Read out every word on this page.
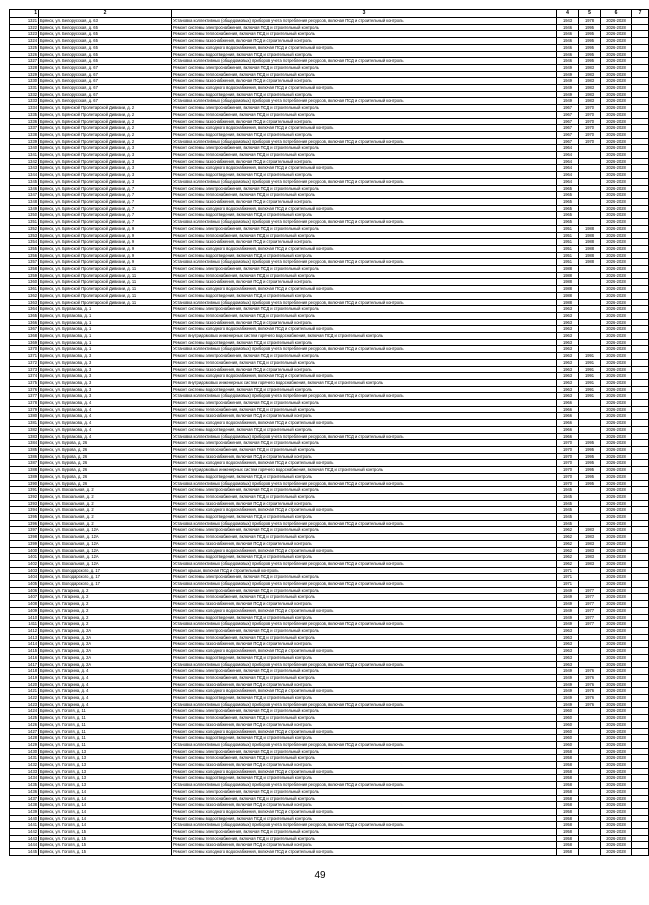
1	2	3	4	5	6	7
1321	Брянск, ул. Белорусская, д. 63	Установка коллективных (общедомовых) приборов учета потребления ресурсов, включая ПСД и строительный контроль	1943	1978	2026-2028	
1322	Брянск, ул. Белорусская, д. 65	Ремонт системы электроснабжения, включая ПСД и строительный контроль	1946	1995	2026-2028	
1323	Брянск, ул. Белорусская, д. 65	Ремонт системы теплоснабжения, включая ПСД и строительный контроль	1946	1995	2026-2028	
1324	Брянск, ул. Белорусская, д. 65	Ремонт системы газоснабжения, включая ПСД и строительный контроль	1946	1995	2026-2028	
1325	Брянск, ул. Белорусская, д. 65	Ремонт системы холодного водоснабжения, включая ПСД и строительный контроль	1946	1995	2026-2028	
1326	Брянск, ул. Белорусская, д. 65	Ремонт системы водоотведения, включая ПСД и строительный контроль	1946	1995	2026-2028	
1327	Брянск, ул. Белорусская, д. 65	Установка коллективных (общедомовых) приборов учета потребления ресурсов, включая ПСД и строительный контроль	1946	1995	2026-2028	
1328	Брянск, ул. Белорусская, д. 67	Ремонт системы электроснабжения, включая ПСД и строительный контроль	1949	1983	2026-2028	
1329	Брянск, ул. Белорусская, д. 67	Ремонт системы теплоснабжения, включая ПСД и строительный контроль	1949	1983	2026-2028	
1330	Брянск, ул. Белорусская, д. 67	Ремонт системы газоснабжения, включая ПСД и строительный контроль	1949	1983	2026-2028	
1331	Брянск, ул. Белорусская, д. 67	Ремонт системы холодного водоснабжения, включая ПСД и строительный контроль	1949	1983	2026-2028	
1332	Брянск, ул. Белорусская, д. 67	Ремонт системы водоотведения, включая ПСД и строительный контроль	1949	1983	2026-2028	
1333	Брянск, ул. Белорусская, д. 67	Установка коллективных (общедомовых) приборов учета потребления ресурсов, включая ПСД и строительный контроль	1949	1983	2026-2028	
1334	Брянск, ул. Брянской Пролетарской Дивизии, д. 2	Ремонт системы электроснабжения, включая ПСД и строительный контроль	1967	1970	2026-2028	
1335	Брянск, ул. Брянской Пролетарской Дивизии, д. 2	Ремонт системы теплоснабжения, включая ПСД и строительный контроль	1967	1970	2026-2028	
1336	Брянск, ул. Брянской Пролетарской Дивизии, д. 2	Ремонт системы газоснабжения, включая ПСД и строительный контроль	1967	1970	2026-2028	
1337	Брянск, ул. Брянской Пролетарской Дивизии, д. 2	Ремонт системы холодного водоснабжения, включая ПСД и строительный контроль	1967	1970	2026-2028	
1338	Брянск, ул. Брянской Пролетарской Дивизии, д. 2	Ремонт системы водоотведения, включая ПСД и строительный контроль	1967	1970	2026-2028	
1339	Брянск, ул. Брянской Пролетарской Дивизии, д. 2	Установка коллективных (общедомовых) приборов учета потребления ресурсов, включая ПСД и строительный контроль	1967	1970	2026-2028	
1340	Брянск, ул. Брянской Пролетарской Дивизии, д. 3	Ремонт системы электроснабжения, включая ПСД и строительный контроль	1964		2026-2028	
1341	Брянск, ул. Брянской Пролетарской Дивизии, д. 3	Ремонт системы теплоснабжения, включая ПСД и строительный контроль	1964		2026-2028	
1342	Брянск, ул. Брянской Пролетарской Дивизии, д. 3	Ремонт системы газоснабжения, включая ПСД и строительный контроль	1964		2026-2028	
1343	Брянск, ул. Брянской Пролетарской Дивизии, д. 3	Ремонт системы холодного водоснабжения, включая ПСД и строительный контроль	1964		2026-2028	
1344	Брянск, ул. Брянской Пролетарской Дивизии, д. 3	Ремонт системы водоотведения, включая ПСД и строительный контроль	1964		2026-2028	
1345	Брянск, ул. Брянской Пролетарской Дивизии, д. 3	Установка коллективных (общедомовых) приборов учета потребления ресурсов, включая ПСД и строительный контроль	1964		2026-2028	
1346	Брянск, ул. Брянской Пролетарской Дивизии, д. 7	Ремонт системы электроснабжения, включая ПСД и строительный контроль	1965		2026-2028	
1347	Брянск, ул. Брянской Пролетарской Дивизии, д. 7	Ремонт системы теплоснабжения, включая ПСД и строительный контроль	1965		2026-2028	
1348	Брянск, ул. Брянской Пролетарской Дивизии, д. 7	Ремонт системы газоснабжения, включая ПСД и строительный контроль	1965		2026-2028	
1349	Брянск, ул. Брянской Пролетарской Дивизии, д. 7	Ремонт системы холодного водоснабжения, включая ПСД и строительный контроль	1965		2026-2028	
1350	Брянск, ул. Брянской Пролетарской Дивизии, д. 7	Ремонт системы водоотведения, включая ПСД и строительный контроль	1965		2026-2028	
1351	Брянск, ул. Брянской Пролетарской Дивизии, д. 7	Установка коллективных (общедомовых) приборов учета потребления ресурсов, включая ПСД и строительный контроль	1965		2026-2028	
1352	Брянск, ул. Брянской Пролетарской Дивизии, д. 9	Ремонт системы электроснабжения, включая ПСД и строительный контроль	1951	1988	2026-2028	
1353	Брянск, ул. Брянской Пролетарской Дивизии, д. 9	Ремонт системы теплоснабжения, включая ПСД и строительный контроль	1951	1988	2026-2028	
1354	Брянск, ул. Брянской Пролетарской Дивизии, д. 9	Ремонт системы газоснабжения, включая ПСД и строительный контроль	1951	1988	2026-2028	
1355	Брянск, ул. Брянской Пролетарской Дивизии, д. 9	Ремонт системы холодного водоснабжения, включая ПСД и строительный контроль	1951	1988	2026-2028	
1356	Брянск, ул. Брянской Пролетарской Дивизии, д. 9	Ремонт системы водоотведения, включая ПСД и строительный контроль	1951	1988	2026-2028	
1357	Брянск, ул. Брянской Пролетарской Дивизии, д. 9	Установка коллективных (общедомовых) приборов учета потребления ресурсов, включая ПСД и строительный контроль	1951	1988	2026-2028	
1358	Брянск, ул. Брянской Пролетарской Дивизии, д. 11	Ремонт системы электроснабжения, включая ПСД и строительный контроль	1988		2026-2028	
1359	Брянск, ул. Брянской Пролетарской Дивизии, д. 11	Ремонт системы теплоснабжения, включая ПСД и строительный контроль	1988		2026-2028	
1360	Брянск, ул. Брянской Пролетарской Дивизии, д. 11	Ремонт системы газоснабжения, включая ПСД и строительный контроль	1988		2026-2028	
1361	Брянск, ул. Брянской Пролетарской Дивизии, д. 11	Ремонт системы холодного водоснабжения, включая ПСД и строительный контроль	1988		2026-2028	
1362	Брянск, ул. Брянской Пролетарской Дивизии, д. 11	Ремонт системы водоотведения, включая ПСД и строительный контроль	1988		2026-2028	
1363	Брянск, ул. Брянской Пролетарской Дивизии, д. 11	Установка коллективных (общедомовых) приборов учета потребления ресурсов, включая ПСД и строительный контроль	1988		2026-2028	
1364	Брянск, ул. Бурлакова, д. 1	Ремонт системы электроснабжения, включая ПСД и строительный контроль	1963		2026-2028	
1365	Брянск, ул. Бурлакова, д. 1	Ремонт системы теплоснабжения, включая ПСД и строительный контроль	1963		2026-2028	
1366	Брянск, ул. Бурлакова, д. 1	Ремонт системы газоснабжения, включая ПСД и строительный контроль	1963		2026-2028	
1367	Брянск, ул. Бурлакова, д. 1	Ремонт системы холодного водоснабжения, включая ПСД и строительный контроль	1963		2026-2028	
1368	Брянск, ул. Бурлакова, д. 1	Ремонт внутридомовых инженерных систем горячего водоснабжения, включая ПСД и строительный контроль	1963		2026-2028	
1369	Брянск, ул. Бурлакова, д. 1	Ремонт системы водоотведения, включая ПСД и строительный контроль	1963		2026-2028	
1370	Брянск, ул. Бурлакова, д. 1	Установка коллективных (общедомовых) приборов учета потребления ресурсов, включая ПСД и строительный контроль	1963		2026-2028	
1371	Брянск, ул. Бурлакова, д. 3	Ремонт системы электроснабжения, включая ПСД и строительный контроль	1963	1991	2026-2028	
1372	Брянск, ул. Бурлакова, д. 3	Ремонт системы теплоснабжения, включая ПСД и строительный контроль	1963	1991	2026-2028	
1373	Брянск, ул. Бурлакова, д. 3	Ремонт системы газоснабжения, включая ПСД и строительный контроль	1963	1991	2026-2028	
1374	Брянск, ул. Бурлакова, д. 3	Ремонт системы холодного водоснабжения, включая ПСД и строительный контроль	1963	1991	2026-2028	
1375	Брянск, ул. Бурлакова, д. 3	Ремонт внутридомовых инженерных систем горячего водоснабжения, включая ПСД и строительный контроль	1963	1991	2026-2028	
1376	Брянск, ул. Бурлакова, д. 3	Ремонт системы водоотведения, включая ПСД и строительный контроль	1963	1991	2026-2028	
1377	Брянск, ул. Бурлакова, д. 3	Установка коллективных (общедомовых) приборов учета потребления ресурсов, включая ПСД и строительный контроль	1963	1991	2026-2028	
1378	Брянск, ул. Бурлакова, д. 4	Ремонт системы электроснабжения, включая ПСД и строительный контроль	1966		2026-2028	
1379	Брянск, ул. Бурлакова, д. 4	Ремонт системы теплоснабжения, включая ПСД и строительный контроль	1966		2026-2028	
1380	Брянск, ул. Бурлакова, д. 4	Ремонт системы газоснабжения, включая ПСД и строительный контроль	1966		2026-2028	
1381	Брянск, ул. Бурлакова, д. 4	Ремонт системы холодного водоснабжения, включая ПСД и строительный контроль	1966		2026-2028	
1382	Брянск, ул. Бурлакова, д. 4	Ремонт системы водоотведения, включая ПСД и строительный контроль	1966		2026-2028	
1383	Брянск, ул. Бурлакова, д. 4	Установка коллективных (общедомовых) приборов учета потребления ресурсов, включая ПСД и строительный контроль	1966		2026-2028	
1384	Брянск, ул. Бурова, д. 26	Ремонт системы электроснабжения, включая ПСД и строительный контроль	1970	1995	2026-2028	
1385	Брянск, ул. Бурова, д. 26	Ремонт системы теплоснабжения, включая ПСД и строительный контроль	1970	1995	2026-2028	
1386	Брянск, ул. Бурова, д. 26	Ремонт системы газоснабжения, включая ПСД и строительный контроль	1970	1995	2026-2028	
1387	Брянск, ул. Бурова, д. 26	Ремонт системы холодного водоснабжения, включая ПСД и строительный контроль	1970	1995	2026-2028	
1388	Брянск, ул. Бурова, д. 26	Ремонт внутридомовых инженерных систем горячего водоснабжения, включая ПСД и строительный контроль	1970	1995	2026-2028	
1389	Брянск, ул. Бурова, д. 26	Ремонт системы водоотведения, включая ПСД и строительный контроль	1970	1995	2026-2028	
1390	Брянск, ул. Бурова, д. 26	Установка коллективных (общедомовых) приборов учета потребления ресурсов, включая ПСД и строительный контроль	1970	1995	2026-2028	
1391	Брянск, ул. Вокзальная, д. 2	Ремонт системы электроснабжения, включая ПСД и строительный контроль	1945		2026-2028	
1392	Брянск, ул. Вокзальная, д. 2	Ремонт системы теплоснабжения, включая ПСД и строительный контроль	1945		2026-2028	
1393	Брянск, ул. Вокзальная, д. 2	Ремонт системы газоснабжения, включая ПСД и строительный контроль	1945		2026-2028	
1394	Брянск, ул. Вокзальная, д. 2	Ремонт системы холодного водоснабжения, включая ПСД и строительный контроль	1945		2026-2028	
1395	Брянск, ул. Вокзальная, д. 2	Ремонт системы водоотведения, включая ПСД и строительный контроль	1945		2026-2028	
1396	Брянск, ул. Вокзальная, д. 2	Установка коллективных (общедомовых) приборов учета потребления ресурсов, включая ПСД и строительный контроль	1945		2026-2028	
1397	Брянск, ул. Вокзальная, д. 12А	Ремонт системы электроснабжения, включая ПСД и строительный контроль	1962	1983	2026-2028	
1398	Брянск, ул. Вокзальная, д. 12А	Ремонт системы теплоснабжения, включая ПСД и строительный контроль	1962	1983	2026-2028	
1399	Брянск, ул. Вокзальная, д. 12А	Ремонт системы газоснабжения, включая ПСД и строительный контроль	1962	1983	2026-2028	
1400	Брянск, ул. Вокзальная, д. 12А	Ремонт системы холодного водоснабжения, включая ПСД и строительный контроль	1962	1983	2026-2028	
1401	Брянск, ул. Вокзальная, д. 12А	Ремонт системы водоотведения, включая ПСД и строительный контроль	1962	1983	2026-2028	
1402	Брянск, ул. Вокзальная, д. 12А	Установка коллективных (общедомовых) приборов учета потребления ресурсов, включая ПСД и строительный контроль	1962	1983	2026-2028	
1403	Брянск, ул. Володарского, д. 17	Ремонт крыши, включая ПСД и строительный контроль	1971		2026-2028	
1404	Брянск, ул. Володарского, д. 17	Ремонт системы электроснабжения, включая ПСД и строительный контроль	1971		2026-2028	
1405	Брянск, ул. Володарского, д. 17	Установка коллективных (общедомовых) приборов учета потребления ресурсов, включая ПСД и строительный контроль	1971		2026-2028	
1406	Брянск, ул. Гагарина, д. 2	Ремонт системы электроснабжения, включая ПСД и строительный контроль	1949	1977	2026-2028	
1407	Брянск, ул. Гагарина, д. 2	Ремонт системы теплоснабжения, включая ПСД и строительный контроль	1949	1977	2026-2028	
1408	Брянск, ул. Гагарина, д. 2	Ремонт системы газоснабжения, включая ПСД и строительный контроль	1949	1977	2026-2028	
1409	Брянск, ул. Гагарина, д. 2	Ремонт системы холодного водоснабжения, включая ПСД и строительный контроль	1949	1977	2026-2028	
1410	Брянск, ул. Гагарина, д. 2	Ремонт системы водоотведения, включая ПСД и строительный контроль	1949	1977	2026-2028	
1411	Брянск, ул. Гагарина, д. 2	Установка коллективных (общедомовых) приборов учета потребления ресурсов, включая ПСД и строительный контроль	1949	1977	2026-2028	
1412	Брянск, ул. Гагарина, д. 2А	Ремонт системы электроснабжения, включая ПСД и строительный контроль	1963		2026-2028	
1413	Брянск, ул. Гагарина, д. 2А	Ремонт системы теплоснабжения, включая ПСД и строительный контроль	1963		2026-2028	
1414	Брянск, ул. Гагарина, д. 2А	Ремонт системы газоснабжения, включая ПСД и строительный контроль	1963		2026-2028	
1415	Брянск, ул. Гагарина, д. 2А	Ремонт системы холодного водоснабжения, включая ПСД и строительный контроль	1963		2026-2028	
1416	Брянск, ул. Гагарина, д. 2А	Ремонт системы водоотведения, включая ПСД и строительный контроль	1963		2026-2028	
1417	Брянск, ул. Гагарина, д. 2А	Установка коллективных (общедомовых) приборов учета потребления ресурсов, включая ПСД и строительный контроль	1963		2026-2028	
1418	Брянск, ул. Гагарина, д. 4	Ремонт системы электроснабжения, включая ПСД и строительный контроль	1949	1976	2026-2028	
1419	Брянск, ул. Гагарина, д. 4	Ремонт системы теплоснабжения, включая ПСД и строительный контроль	1949	1976	2026-2028	
1420	Брянск, ул. Гагарина, д. 4	Ремонт системы газоснабжения, включая ПСД и строительный контроль	1949	1976	2026-2028	
1421	Брянск, ул. Гагарина, д. 4	Ремонт системы холодного водоснабжения, включая ПСД и строительный контроль	1949	1976	2026-2028	
1422	Брянск, ул. Гагарина, д. 4	Ремонт системы водоотведения, включая ПСД и строительный контроль	1949	1976	2026-2028	
1423	Брянск, ул. Гагарина, д. 4	Установка коллективных (общедомовых) приборов учета потребления ресурсов, включая ПСД и строительный контроль	1949	1976	2026-2028	
1424	Брянск, ул. Гоголя, д. 11	Ремонт системы электроснабжения, включая ПСД и строительный контроль	1960		2026-2028	
1425	Брянск, ул. Гоголя, д. 11	Ремонт системы теплоснабжения, включая ПСД и строительный контроль	1960		2026-2028	
1426	Брянск, ул. Гоголя, д. 11	Ремонт системы газоснабжения, включая ПСД и строительный контроль	1960		2026-2028	
1427	Брянск, ул. Гоголя, д. 11	Ремонт системы холодного водоснабжения, включая ПСД и строительный контроль	1960		2026-2028	
1428	Брянск, ул. Гоголя, д. 11	Ремонт системы водоотведения, включая ПСД и строительный контроль	1960		2026-2028	
1429	Брянск, ул. Гоголя, д. 11	Установка коллективных (общедомовых) приборов учета потребления ресурсов, включая ПСД и строительный контроль	1960		2026-2028	
1430	Брянск, ул. Гоголя, д. 13	Ремонт системы электроснабжения, включая ПСД и строительный контроль	1958		2026-2028	
1431	Брянск, ул. Гоголя, д. 13	Ремонт системы теплоснабжения, включая ПСД и строительный контроль	1958		2026-2028	
1432	Брянск, ул. Гоголя, д. 13	Ремонт системы газоснабжения, включая ПСД и строительный контроль	1958		2026-2028	
1433	Брянск, ул. Гоголя, д. 13	Ремонт системы холодного водоснабжения, включая ПСД и строительный контроль	1958		2026-2028	
1434	Брянск, ул. Гоголя, д. 13	Ремонт системы водоотведения, включая ПСД и строительный контроль	1958		2026-2028	
1435	Брянск, ул. Гоголя, д. 13	Установка коллективных (общедомовых) приборов учета потребления ресурсов, включая ПСД и строительный контроль	1958		2026-2028	
1436	Брянск, ул. Гоголя, д. 14	Ремонт системы электроснабжения, включая ПСД и строительный контроль	1958		2026-2028	
1437	Брянск, ул. Гоголя, д. 14	Ремонт системы теплоснабжения, включая ПСД и строительный контроль	1958		2026-2028	
1438	Брянск, ул. Гоголя, д. 14	Ремонт системы газоснабжения, включая ПСД и строительный контроль	1958		2026-2028	
1439	Брянск, ул. Гоголя, д. 14	Ремонт системы холодного водоснабжения, включая ПСД и строительный контроль	1958		2026-2028	
1440	Брянск, ул. Гоголя, д. 14	Ремонт системы водоотведения, включая ПСД и строительный контроль	1958		2026-2028	
1441	Брянск, ул. Гоголя, д. 14	Установка коллективных (общедомовых) приборов учета потребления ресурсов, включая ПСД и строительный контроль	1958		2026-2028	
1442	Брянск, ул. Гоголя, д. 15	Ремонт системы электроснабжения, включая ПСД и строительный контроль	1958		2026-2028	
1443	Брянск, ул. Гоголя, д. 15	Ремонт системы теплоснабжения, включая ПСД и строительный контроль	1958		2026-2028	
1444	Брянск, ул. Гоголя, д. 15	Ремонт системы газоснабжения, включая ПСД и строительный контроль	1958		2026-2028	
1445	Брянск, ул. Гоголя, д. 15	Ремонт системы холодного водоснабжения, включая ПСД и строительный контроль	1958		2026-2028	
49
